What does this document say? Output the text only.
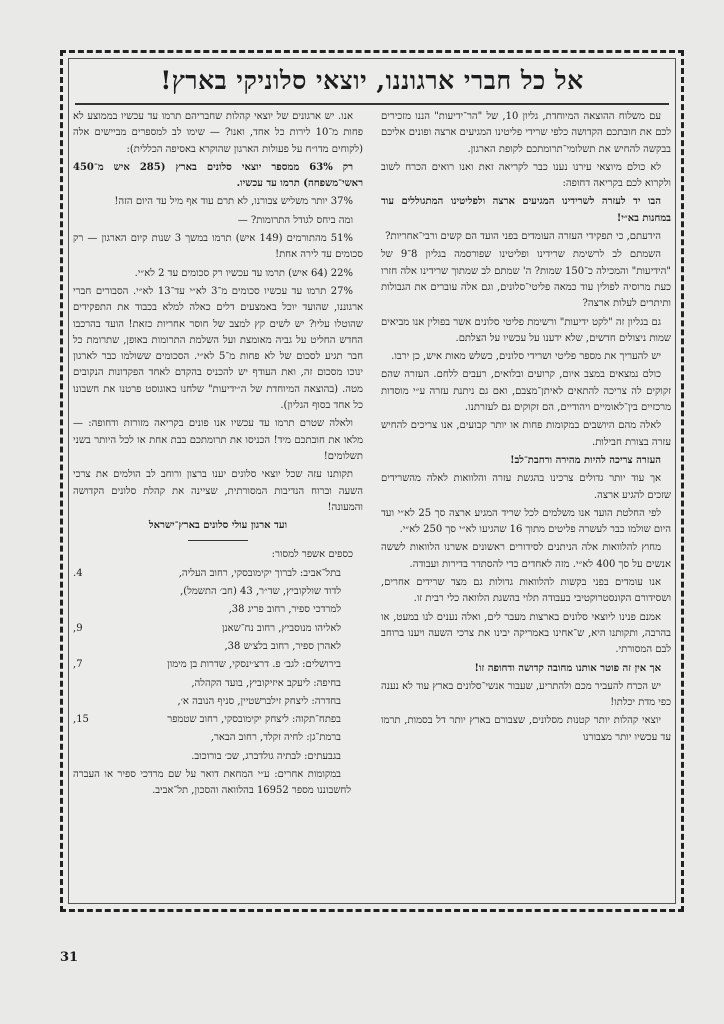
אל כל חברי ארגוננו, יוצאי סלוניקי בארץ!

עם משלוח ההוצאה המיוחדת, גליון 10, של "הר־ידיעות" הננו מזכירים לכם את חובתכם הקדושה כלפי שרידי פליטינו המגיעים ארצה ופונים אליכם בבקשה להחיש את תשלומי־תרומתכם לקופת הארגון.

לא כולם מיוצאי עירנו נענו כבר לקריאה זאת ואנו רואים הכרח לשוב ולקרוא לכם בקריאה דחופה:

הבו יד לעזרה לשרידינו המגיעים ארצה ולפליטינו המתגוללים עוד במחנות בא״י!

הידעתם, כי תפקידי העזרה העומדים בפני הועד הם קשים ורבי־אחריות?

השמתם לב לרשימת שרידינו ופליטינו שפורסמה בגליון 8־9 של "הידיעות" והמכילה כ־150 שמות? ה' שמתם לב שמתוך שרידינו אלה חזרו כעת מרוסיה לפולין עוד כמאה פליטי־סלונים, וגם אלה עוברים את הגבולות ותיתרים לעלות ארצה?

גם בגליון זה "לקט ידיעות" ורשימת פליטי סלונים אשר בפולין אנו מביאים שמות ניצולים חדשים, שלא ידענו על עכשיו על הצלתם.

יש להעריך את מספר פליטי ושרידי סלונים, כשלש מאות איש, כן ירבו.

כולם נמצאים במצב איום, קרועים ובלואים, רעבים ללחם. העזרה שהם זקוקים לה צריכה להתאים לאיתן־מצבם, ואם גם ניתנת עזרה ע״י מוסדות מרכזיים בין־לאומיים ויהודיים, הם זקוקים גם לעזרתנו.

לאלה מהם היושבים במקומות פחות או יותר קבועים, אנו צריכים להחיש עזרה בצורת חבילות.

העזרה צריכה להיות מהירה ורחבת־לב!

אך עוד יותר גדולים צרכינו בהגשת עזרה והלוואות לאלה מהשרידים שזכים להגיע ארצה.

לפי החלטת הועד אנו משלמים לכל שריד המגיע ארצה סך 25 לא״י ועד היום שולמו כבר לעשרה פליטים מתוך 16 שהגיעו לא״י סך 250 לא״י.

מחוץ להלוואות אלה הניתנים לסידורים ראשונים אשרנו הלוואות לששה אנשים על סך 400 לא״י. מזה לאחדים כדי להסתדר בדירות ועבודה.

אנו עומדים בפני בקשות להלוואות גדולות גם מצד שרידים אחרים, ושסידורם הקונסטרוקטיבי בעבודה תלוי בהשגת הלוואה כלי רבית זו.

אמנם פנינו ליוצאי סלונים בארצות מעבר לים, ואלה נענים לנו במעט, או בהרבה, ותקותנו היא, ש־אחינו באמריקה יבינו את צרכי השעה ויענו ברוחב לבם המסורתי.

אך אין זה פוטר אותנו מחובה קדושה ודחופה זו!

יש הכרח להעביר מכם ולהתריע, שעבור אנשי־סלונים בארץ עוד לא נענה כפי מדת יכלתו!

יוצאי קהלות יותר קטנות מסלונים, שצבורם בארץ יותר דל בסמות, תרמו עד עכשיו יותר מצבורנו

אנו. יש ארגונים של יוצאי קהלות שחבריהם תרמו עד עכשיו בממוצע לא פחות מ־10 לירות כל אחד, ואנו? — שימו לב למספרים מביישים אלה (לקוחים מדו״ח על פעולות הארגון שהוקרא באסיפה הכללית):

רק 63% ממספר יוצאי סלונים בארץ (285 איש מ־450 ראשי־משפחה) תרמו עד עכשיו.

37% יותר משליש צבורנו, לא תרם עוד אף מיל עד היום הזה!

ומה ביחס לגודל התרומות? —

51% מהתורמים (149 איש) תרמו במשך 3 שנות קיום הארגון — רק סכומים עד לירה אחת!

22% (64 איש) תרמו עד עכשיו רק סכומים עד 2 לא״י.

27% תרמו עד עכשיו סכומים מ־3 לא״י עד־13 לא״י. הסבורים חברי ארגוננו, שהועד יוכל באמצעים דלים כאלה למלא בכבוד את התפקידים שהוטלו עליו? יש לשים קץ למצב של חוסר אחריות כזאת! הועד בהרכבו החדש החליט על גביה מאומצת ועל השלמת התרומות באופן, שתרומת כל חבר תגיע לסכום של לא פחות מ־5 לא״י. הסכומים ששולמו כבר לארגון ינוכו מסכום זה, ואת העודף יש להכניס בהקדם לאחד הפקדונות הנקובים מטה. (בהוצאה המיוחדת של ה״ידיעות" שלחנו באוגוסט פרטנו את חשבונו כל אחד בסוף הגליון).

ולאלה שטרם תרמו עד עכשיו אנו פונים בקריאה מזורזת ודחופה: — מלאו את חובתכם מיד! הכניסו את תרומתכם בבת אחת או לכל היותר בשני תשלומים!

תקותנו עזה שכל יוצאי סלונים יענו ברצון ורוחב לב הולמים את צרכי השעה וברוח הנדיבות המסורתית, שציינה את קהלת סלונים הקדושה והמעונה!

ועד ארגון עולי סלונים בארץ־ישראל

כספים אשפר למסור:

בתל־אביב: לברוך יקימובסקי, רחוב העליה,
4.

לדוד שולקוביץ, שד״ר, 43 (חב׳ התשמל),

למרדכי ספיר, רחוב פריג 38,

לאליהו מנוסביץ, רחוב נח־שאנן
9,

לאהרן ספיר, רחוב בלצ׳ש 38,

בירושלים: לגב׳ פ. דרצ׳ינסקי, שדרות בן מימון
7,

בחיפה: ליעקב איזיקוביץ, בועד הקהלה,

בחדרה: ליצחק זילברשטיין, סניף הנובה א׳,

בפתח־תקוה: ליצחק יקימובסקי, רחוב שטמפר
15,

ברמת־גן: לחיה זקלד, רחוב הבאר,

בגבעתים: לבתיה גולדברג, שכ׳ בורוכוב.

במקומות אחרים: ע״י המחאת דואר על שם מרדכי ספיר או העברה לחשבוננו מספר 16952 בהלוואה והסכון, תל־אביב.

31
